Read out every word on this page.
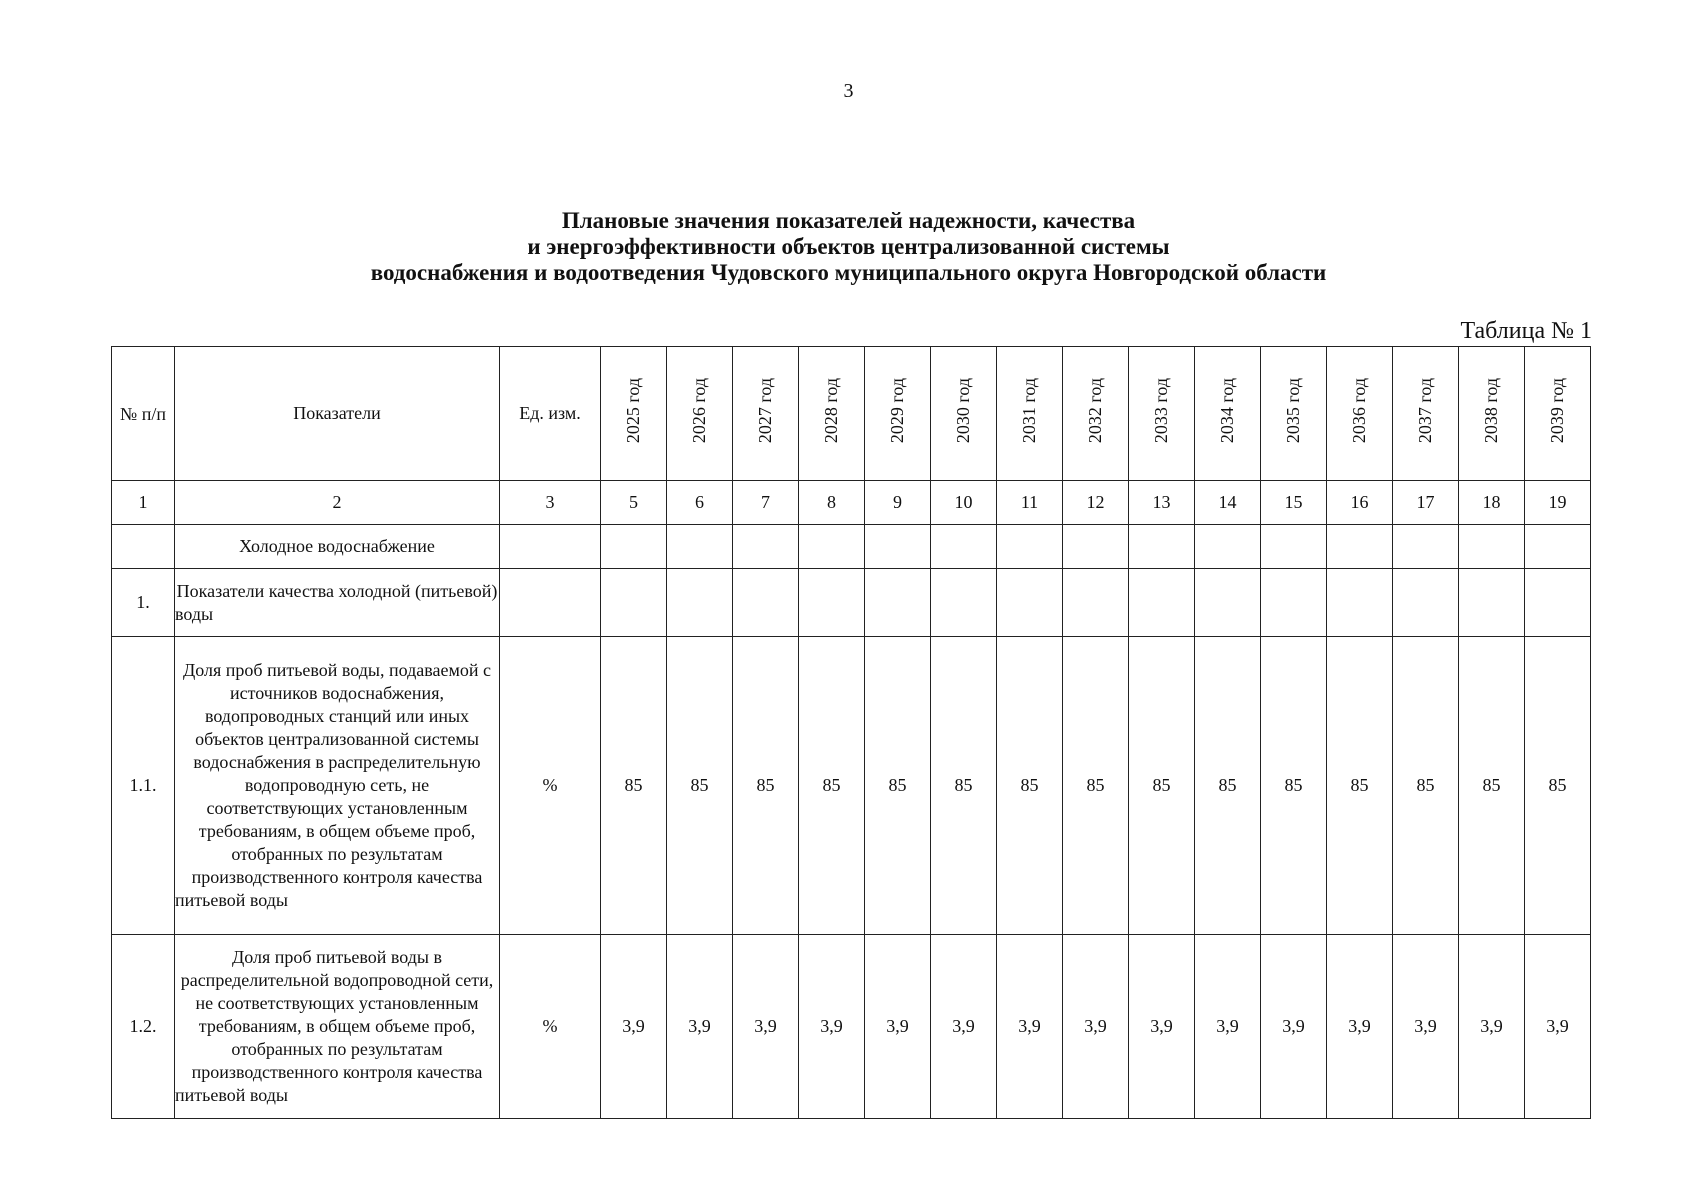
3
Плановые значения показателей надежности, качества
и энергоэффективности объектов централизованной системы
водоснабжения и водоотведения Чудовского муниципального округа Новгородской области
Таблица № 1
№ п/п	Показатели	Ед. изм.	2025 год	2026 год	2027 год	2028 год	2029 год	2030 год	2031 год	2032 год	2033 год	2034 год	2035 год	2036 год	2037 год	2038 год	2039 год
1	2	3	5	6	7	8	9	10	11	12	13	14	15	16	17	18	19
	Холодное водоснабжение																
1.	Показатели качества холодной (питьевой) воды																
1.1.	Доля проб питьевой воды, подаваемой с источников водоснабжения, водопроводных станций или иных объектов централизованной системы водоснабжения в распределительную водопроводную сеть, не соответствующих установленным требованиям, в общем объеме проб, отобранных по результатам производственного контроля качества питьевой воды	%	85	85	85	85	85	85	85	85	85	85	85	85	85	85	85
1.2.	Доля проб питьевой воды в распределительной водопроводной сети, не соответствующих установленным требованиям, в общем объеме проб, отобранных по результатам производственного контроля качества питьевой воды	%	3,9	3,9	3,9	3,9	3,9	3,9	3,9	3,9	3,9	3,9	3,9	3,9	3,9	3,9	3,9
